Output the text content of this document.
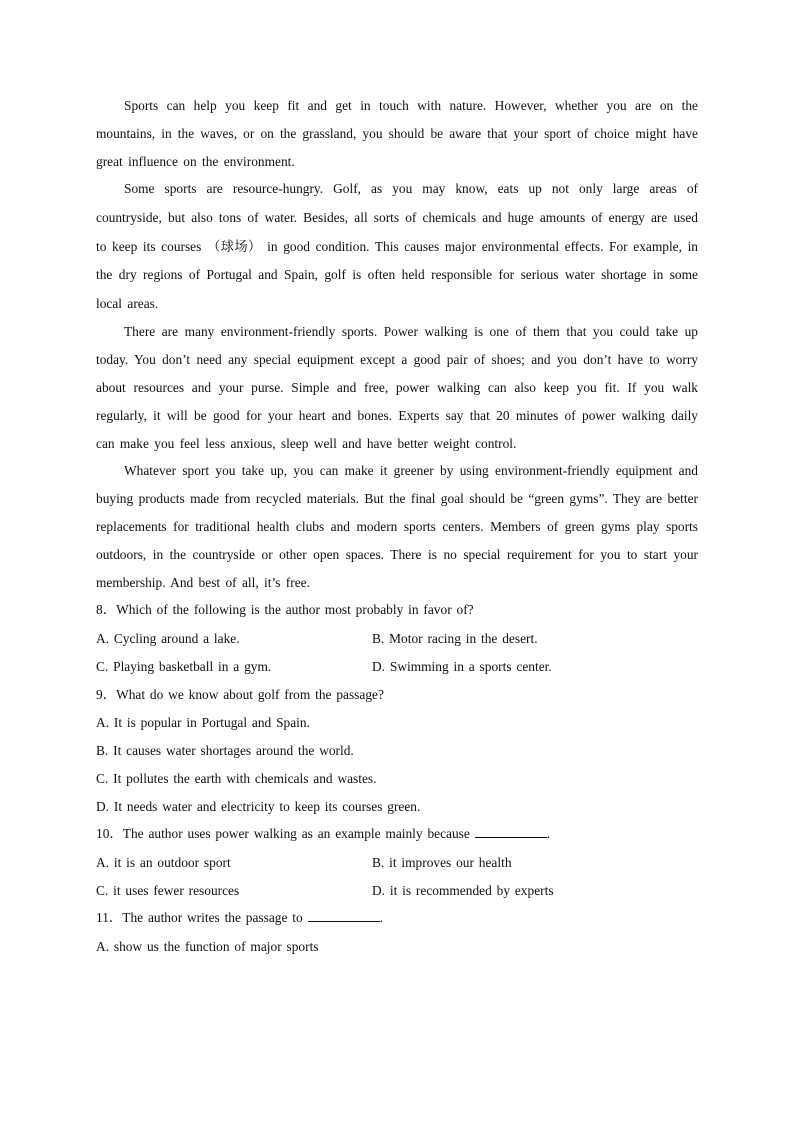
Sports can help you keep fit and get in touch with nature. However, whether you are on the mountains, in the waves, or on the grassland, you should be aware that your sport of choice might have great influence on the environment.

Some sports are resource-hungry. Golf, as you may know, eats up not only large areas of countryside, but also tons of water. Besides, all sorts of chemicals and huge amounts of energy are used to keep its courses （球场） in good condition. This causes major environmental effects. For example, in the dry regions of Portugal and Spain, golf is often held responsible for serious water shortage in some local areas.

There are many environment-friendly sports. Power walking is one of them that you could take up today. You don’t need any special equipment except a good pair of shoes; and you don’t have to worry about resources and your purse. Simple and free, power walking can also keep you fit. If you walk regularly, it will be good for your heart and bones. Experts say that 20 minutes of power walking daily can make you feel less anxious, sleep well and have better weight control.

Whatever sport you take up, you can make it greener by using environment-friendly equipment and buying products made from recycled materials. But the final goal should be “green gyms”. They are better replacements for traditional health clubs and modern sports centers. Members of green gyms play sports outdoors, in the countryside or other open spaces. There is no special requirement for you to start your membership. And best of all, it’s free.

8．Which of the following is the author most probably in favor of?

A. Cycling around a lake.	B. Motor racing in the desert.
C. Playing basketball in a gym.	D. Swimming in a sports center.

9．What do we know about golf from the passage?

A. It is popular in Portugal and Spain.
B. It causes water shortages around the world.
C. It pollutes the earth with chemicals and wastes.
D. It needs water and electricity to keep its courses green.

10．The author uses power walking as an example mainly because	.

A. it is an outdoor sport	B. it improves our health
C. it uses fewer resources	D. it is recommended by experts

11．The author writes the passage to	.

A. show us the function of major sports
